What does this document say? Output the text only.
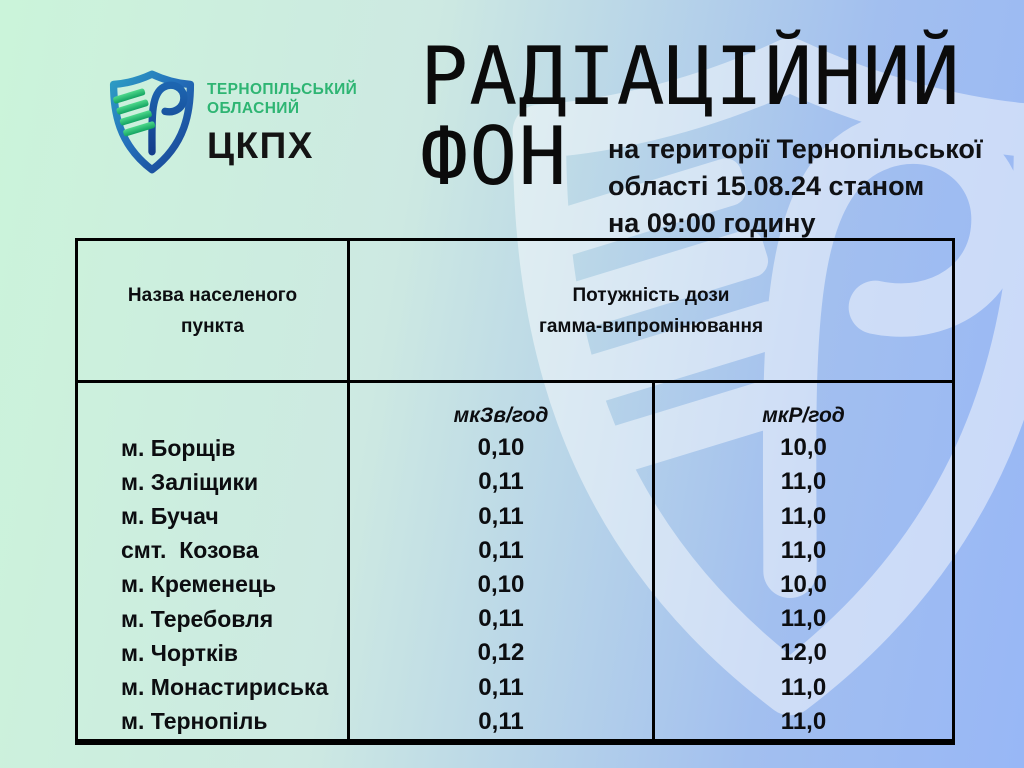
ТЕРНОПІЛЬСЬКИЙ
ОБЛАСНИЙ
ЦКПХ
РАДІАЦІЙНИЙ
ФОН	на території Тернопільської
області 15.08.24 станом
на 09:00 годину
Назва населеного
пункта
Потужність дози
гамма-випромінювання
м. Борщів
м. Заліщики
м. Бучач
смт.  Козова
м. Кременець
м. Теребовля
м. Чортків
м. Монастириська
м. Тернопіль
мкЗв/год
0,10
0,11
0,11
0,11
0,10
0,11
0,12
0,11
0,11
мкР/год
10,0
11,0
11,0
11,0
10,0
11,0
12,0
11,0
11,0
